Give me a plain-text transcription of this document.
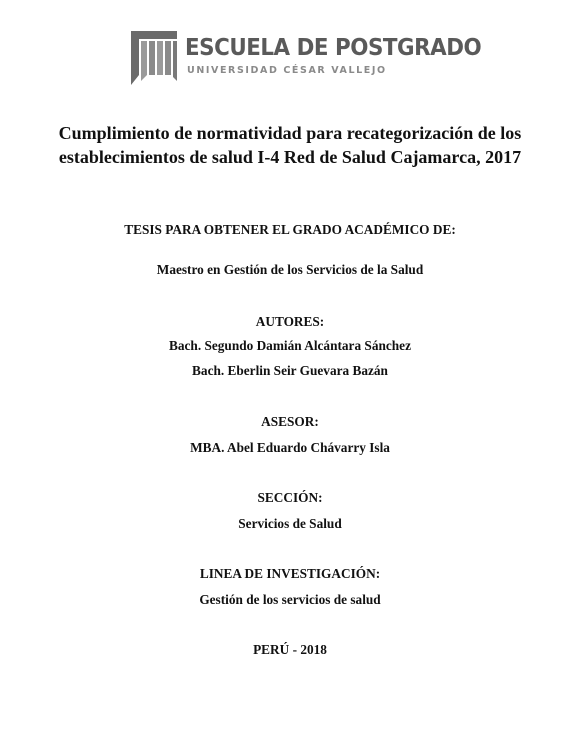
ESCUELA DE POSTGRADO
UNIVERSIDAD CÉSAR VALLEJO
Cumplimiento de normatividad para recategorización de los establecimientos de salud I-4 Red de Salud Cajamarca, 2017
TESIS PARA OBTENER EL GRADO ACADÉMICO DE:
Maestro en Gestión de los Servicios de la Salud
AUTORES:
Bach. Segundo Damián Alcántara Sánchez
Bach. Eberlin Seir Guevara Bazán
ASESOR:
MBA. Abel Eduardo Chávarry Isla
SECCIÓN:
Servicios de Salud
LINEA DE INVESTIGACIÓN:
Gestión de los servicios de salud
PERÚ - 2018
